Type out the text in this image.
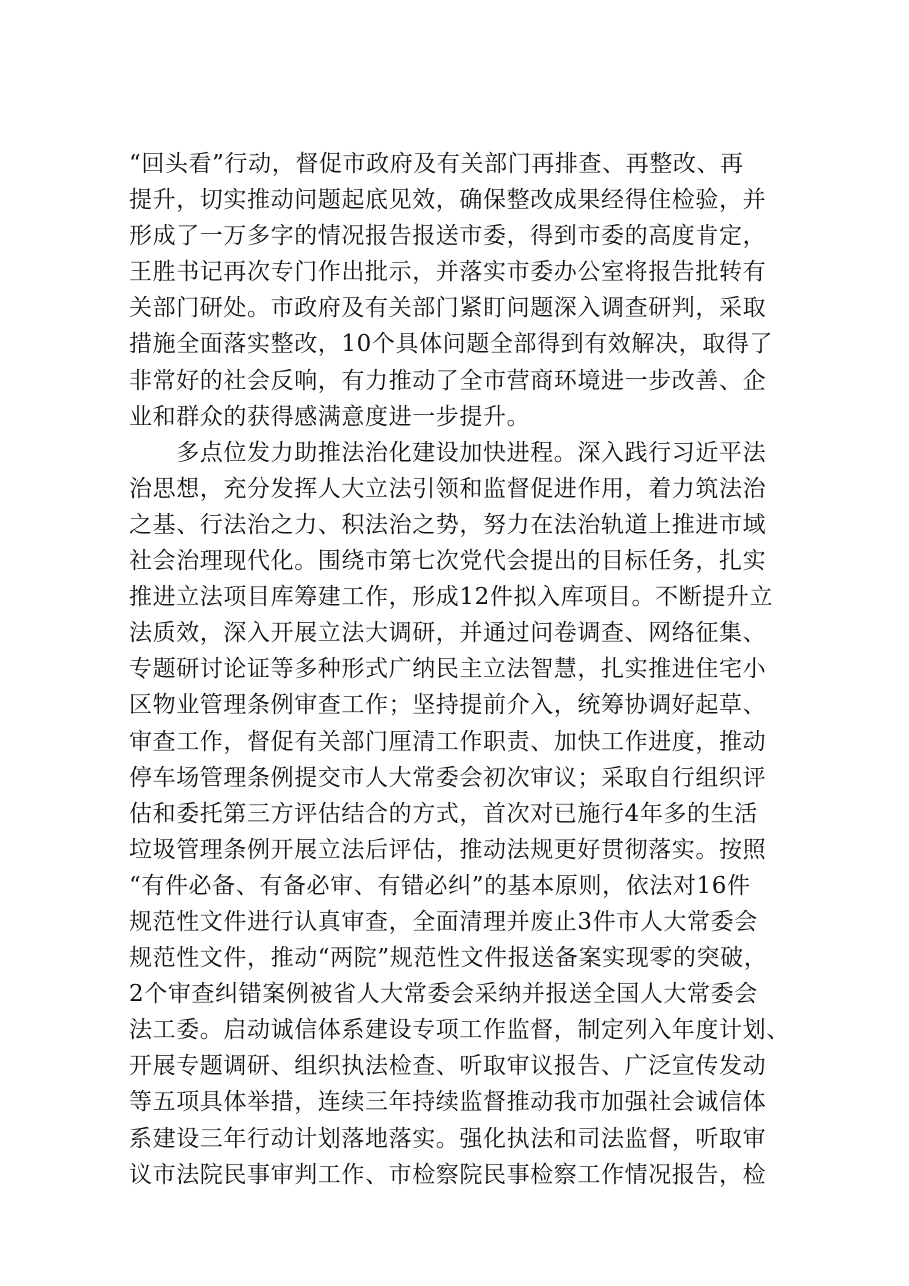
“回头看”行动，督促市政府及有关部门再排查、再整改、再
提升，切实推动问题起底见效，确保整改成果经得住检验，并
形成了一万多字的情况报告报送市委，得到市委的高度肯定，
王胜书记再次专门作出批示，并落实市委办公室将报告批转有
关部门研处。市政府及有关部门紧盯问题深入调查研判，采取
措施全面落实整改，10个具体问题全部得到有效解决，取得了
非常好的社会反响，有力推动了全市营商环境进一步改善、企
业和群众的获得感满意度进一步提升。
　　多点位发力助推法治化建设加快进程。深入践行习近平法
治思想，充分发挥人大立法引领和监督促进作用，着力筑法治
之基、行法治之力、积法治之势，努力在法治轨道上推进市域
社会治理现代化。围绕市第七次党代会提出的目标任务，扎实
推进立法项目库筹建工作，形成12件拟入库项目。不断提升立
法质效，深入开展立法大调研，并通过问卷调查、网络征集、
专题研讨论证等多种形式广纳民主立法智慧，扎实推进住宅小
区物业管理条例审查工作；坚持提前介入，统筹协调好起草、
审查工作，督促有关部门厘清工作职责、加快工作进度，推动
停车场管理条例提交市人大常委会初次审议；采取自行组织评
估和委托第三方评估结合的方式，首次对已施行4年多的生活
垃圾管理条例开展立法后评估，推动法规更好贯彻落实。按照
“有件必备、有备必审、有错必纠”的基本原则，依法对16件
规范性文件进行认真审查，全面清理并废止3件市人大常委会
规范性文件，推动“两院”规范性文件报送备案实现零的突破，
2个审查纠错案例被省人大常委会采纳并报送全国人大常委会
法工委。启动诚信体系建设专项工作监督，制定列入年度计划、
开展专题调研、组织执法检查、听取审议报告、广泛宣传发动
等五项具体举措，连续三年持续监督推动我市加强社会诚信体
系建设三年行动计划落地落实。强化执法和司法监督，听取审
议市法院民事审判工作、市检察院民事检察工作情况报告，检
